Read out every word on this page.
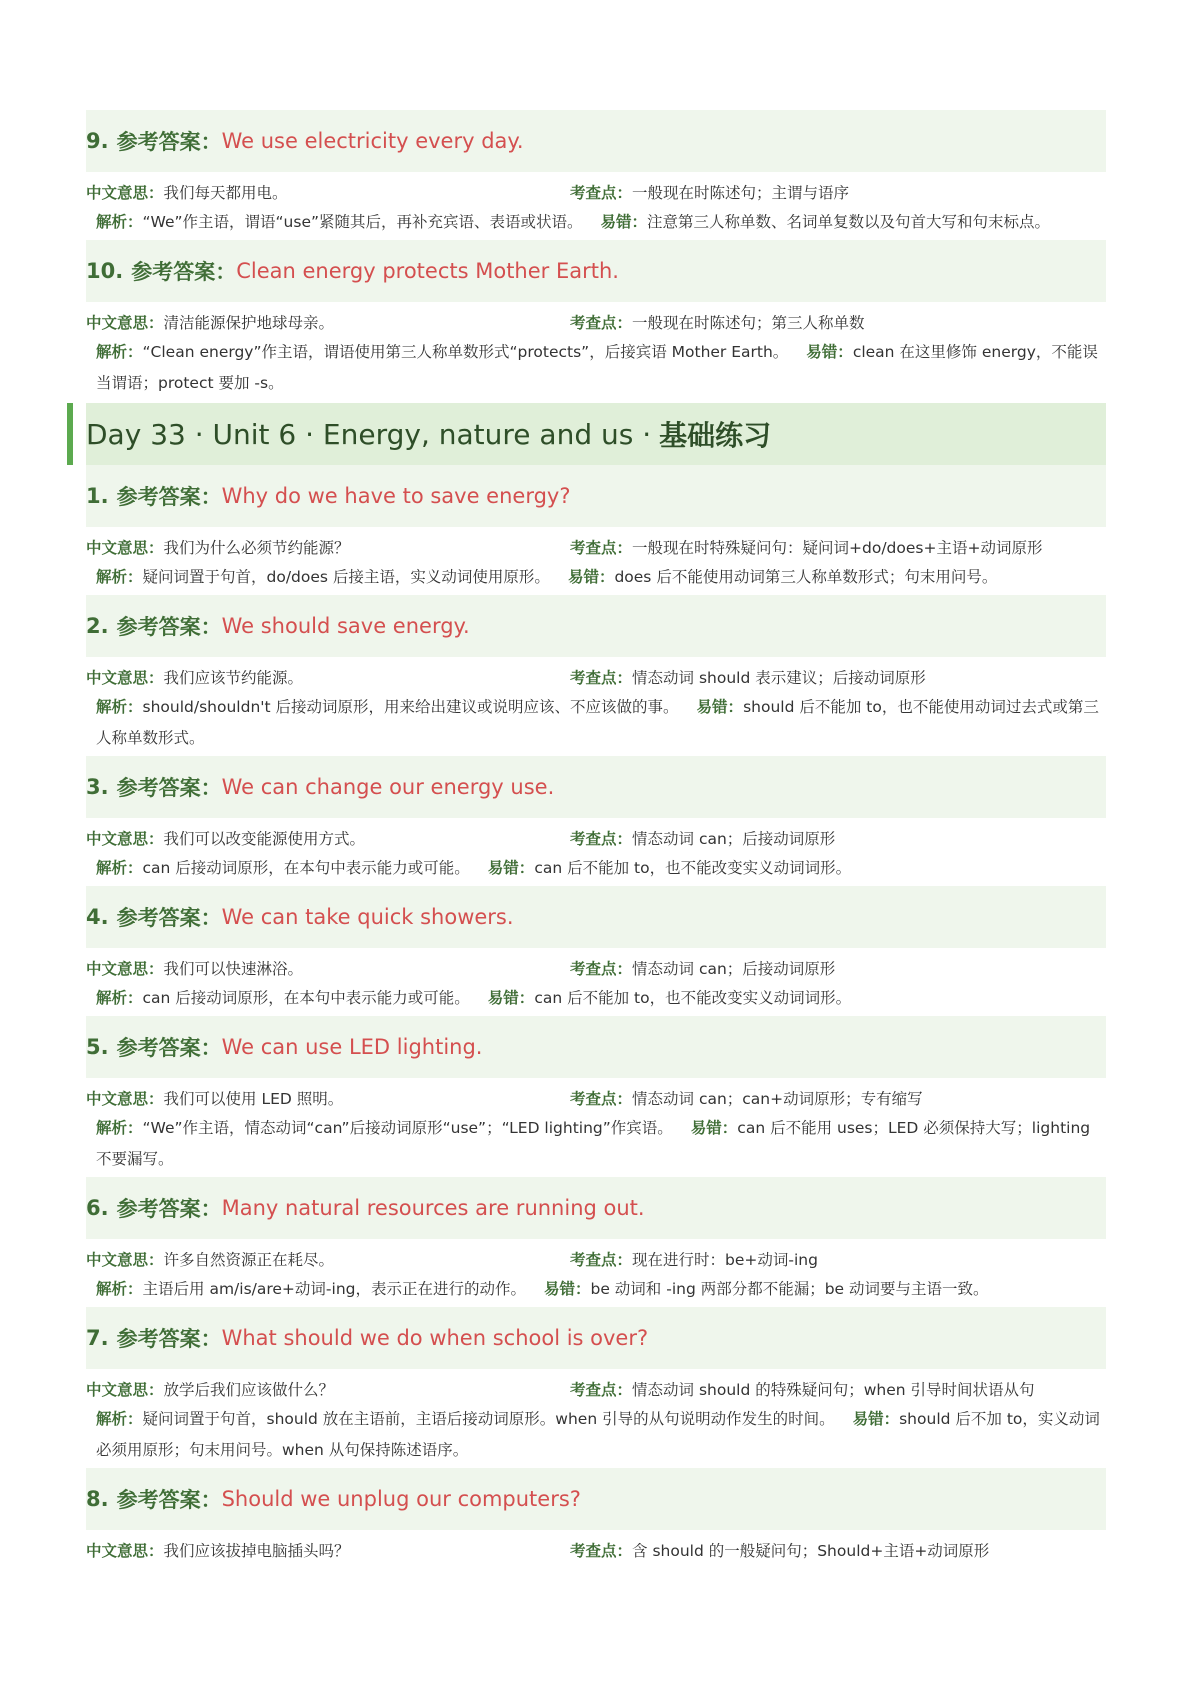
9. 参考答案： We use electricity every day.
中文意思：我们每天都用电。	考查点：一般现在时陈述句；主谓与语序
解析：“We”作主语，谓语“use”紧随其后，再补充宾语、表语或状语。 易错：注意第三人称单数、名词单复数以及句首大写和句末标点。
10. 参考答案： Clean energy protects Mother Earth.
中文意思：清洁能源保护地球母亲。	考查点：一般现在时陈述句；第三人称单数
解析：“Clean energy”作主语，谓语使用第三人称单数形式“protects”，后接宾语 Mother Earth。 易错：clean 在这里修饰 energy，不能误当谓语；protect 要加 -s。
Day 33 · Unit 6 · Energy, nature and us · 基础练习
1. 参考答案： Why do we have to save energy?
中文意思：我们为什么必须节约能源？	考查点：一般现在时特殊疑问句：疑问词+do/does+主语+动词原形
解析：疑问词置于句首，do/does 后接主语，实义动词使用原形。 易错：does 后不能使用动词第三人称单数形式；句末用问号。
2. 参考答案： We should save energy.
中文意思：我们应该节约能源。	考查点：情态动词 should 表示建议；后接动词原形
解析：should/shouldn't 后接动词原形，用来给出建议或说明应该、不应该做的事。 易错：should 后不能加 to，也不能使用动词过去式或第三人称单数形式。
3. 参考答案： We can change our energy use.
中文意思：我们可以改变能源使用方式。	考查点：情态动词 can；后接动词原形
解析：can 后接动词原形，在本句中表示能力或可能。 易错：can 后不能加 to，也不能改变实义动词词形。
4. 参考答案： We can take quick showers.
中文意思：我们可以快速淋浴。	考查点：情态动词 can；后接动词原形
解析：can 后接动词原形，在本句中表示能力或可能。 易错：can 后不能加 to，也不能改变实义动词词形。
5. 参考答案： We can use LED lighting.
中文意思：我们可以使用 LED 照明。	考查点：情态动词 can；can+动词原形；专有缩写
解析：“We”作主语，情态动词“can”后接动词原形“use”；“LED lighting”作宾语。 易错：can 后不能用 uses；LED 必须保持大写；lighting 不要漏写。
6. 参考答案： Many natural resources are running out.
中文意思：许多自然资源正在耗尽。	考查点：现在进行时：be+动词-ing
解析：主语后用 am/is/are+动词-ing，表示正在进行的动作。 易错：be 动词和 -ing 两部分都不能漏；be 动词要与主语一致。
7. 参考答案： What should we do when school is over?
中文意思：放学后我们应该做什么？	考查点：情态动词 should 的特殊疑问句；when 引导时间状语从句
解析：疑问词置于句首，should 放在主语前，主语后接动词原形。when 引导的从句说明动作发生的时间。 易错：should 后不加 to，实义动词必须用原形；句末用问号。when 从句保持陈述语序。
8. 参考答案： Should we unplug our computers?
中文意思：我们应该拔掉电脑插头吗？	考查点：含 should 的一般疑问句；Should+主语+动词原形
